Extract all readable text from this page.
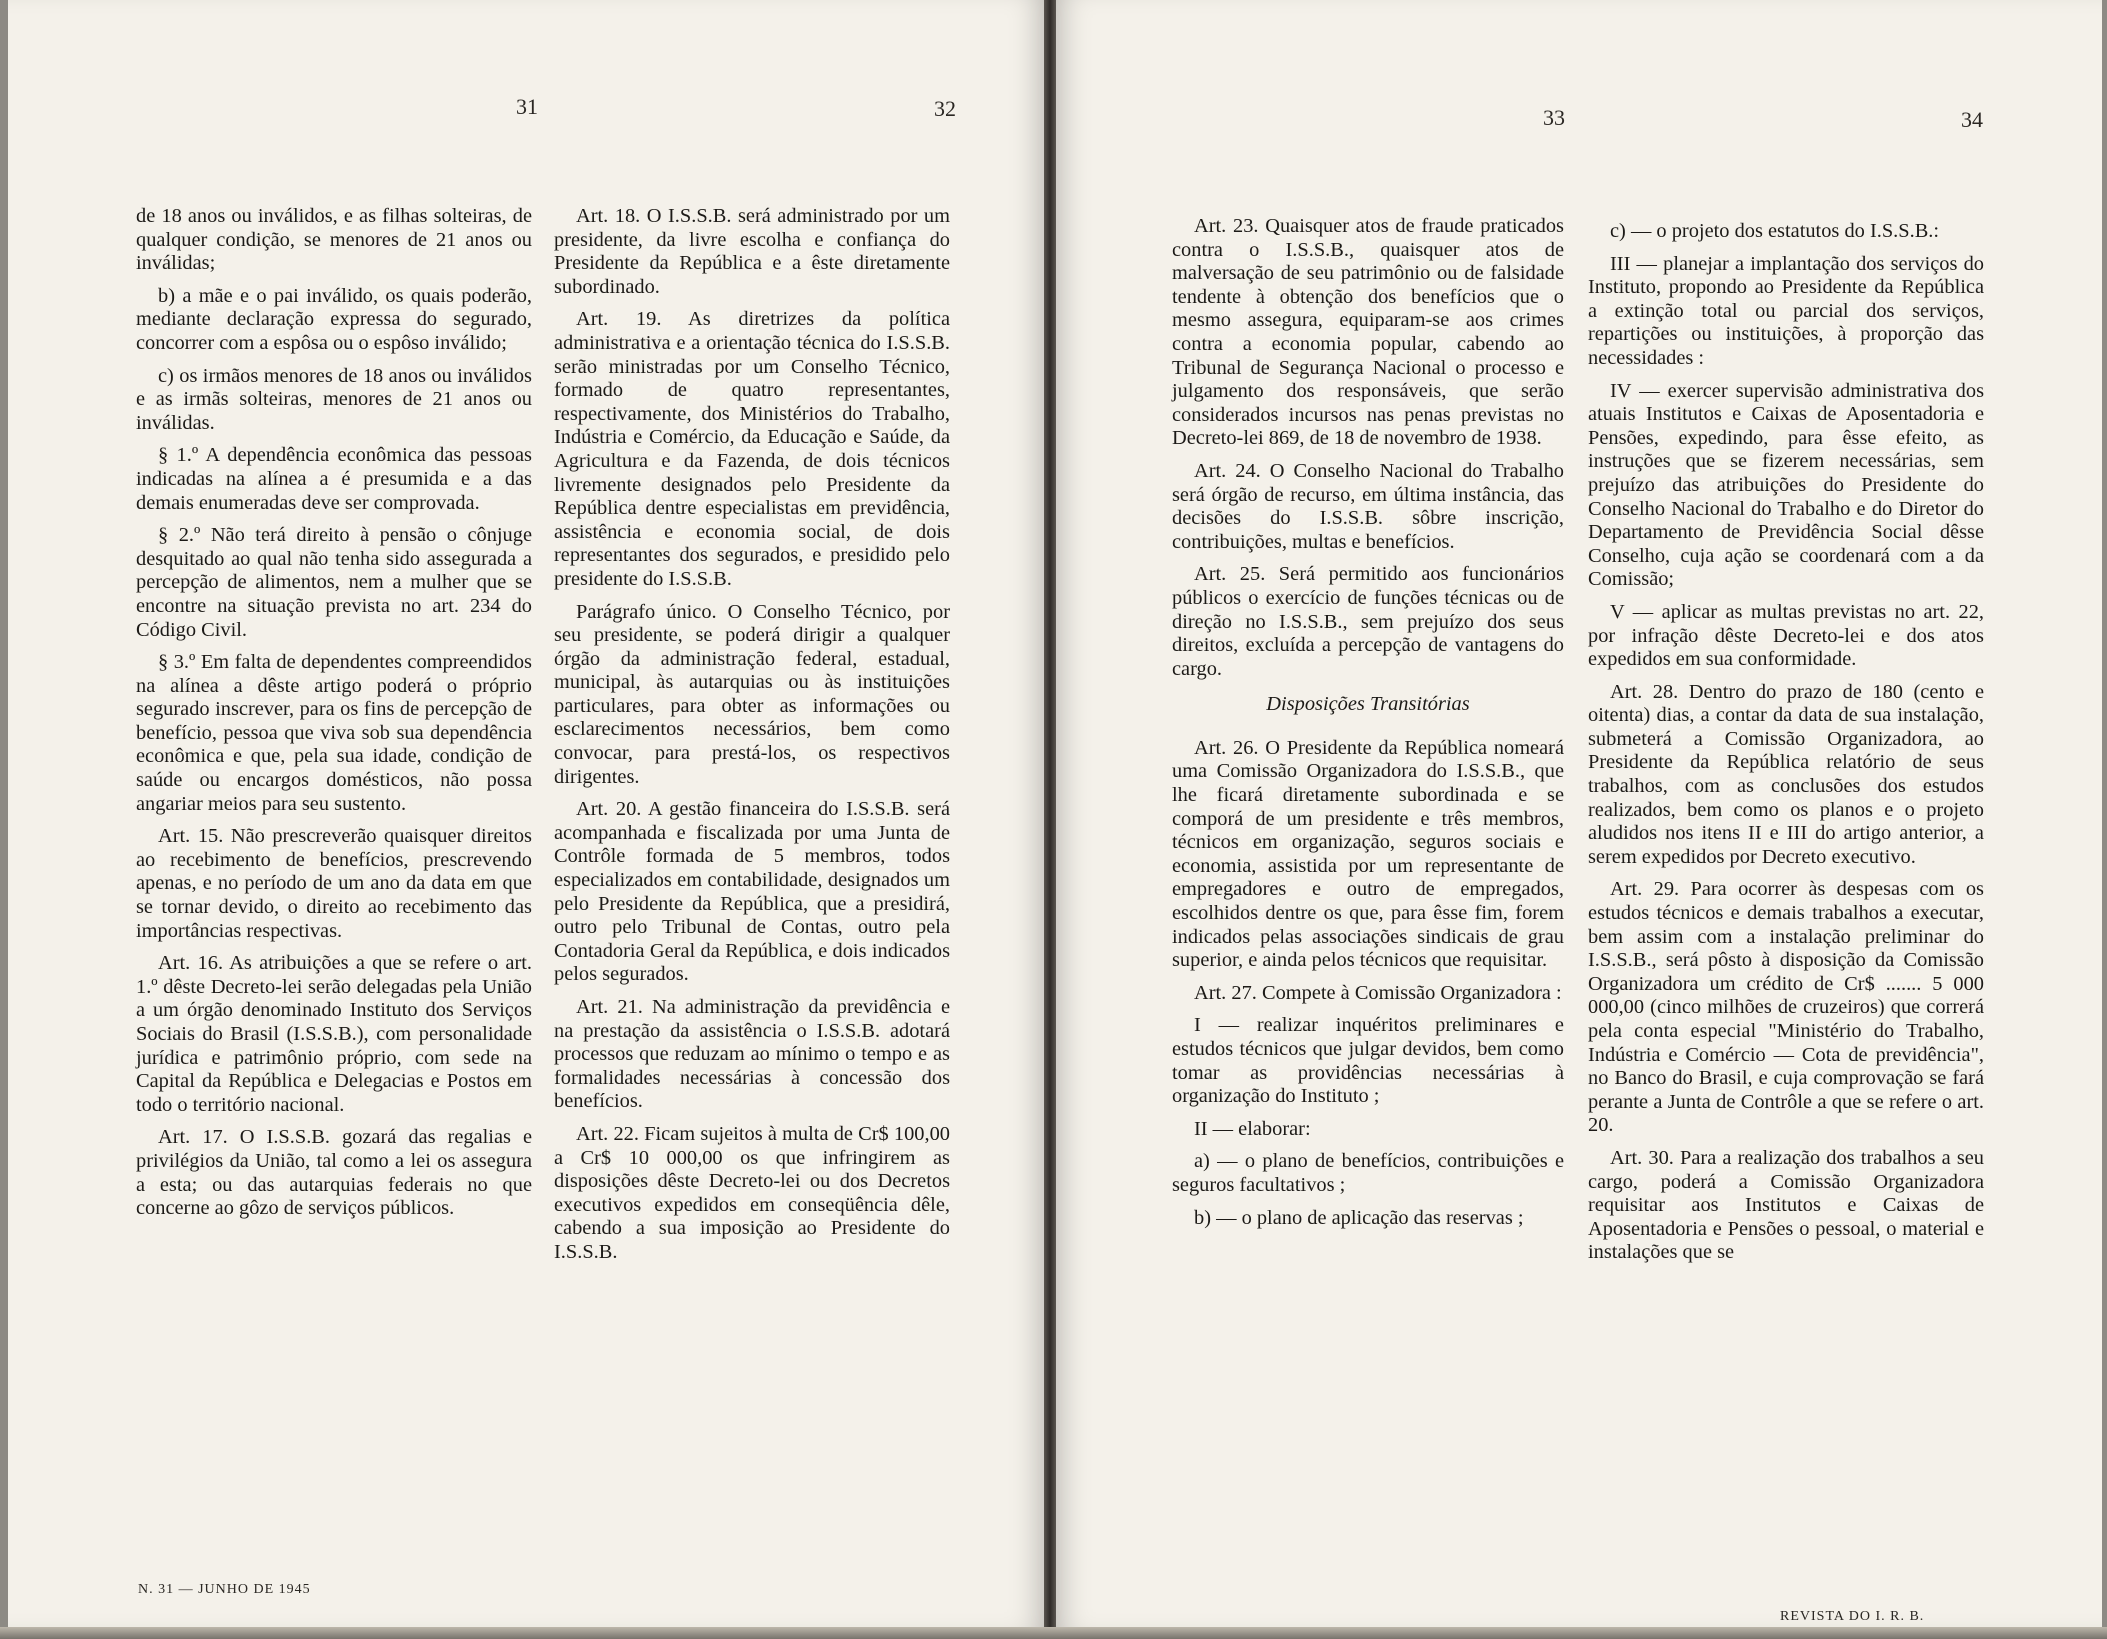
31	32	33	34

de 18 anos ou inválidos, e as filhas solteiras, de qualquer condição, se menores de 21 anos ou inválidas;

b) a mãe e o pai inválido, os quais poderão, mediante declaração expressa do segurado, concorrer com a espôsa ou o espôso inválido;

c) os irmãos menores de 18 anos ou inválidos e as irmãs solteiras, menores de 21 anos ou inválidas.

§ 1.º A dependência econômica das pessoas indicadas na alínea a é presumida e a das demais enumeradas deve ser comprovada.

§ 2.º Não terá direito à pensão o cônjuge desquitado ao qual não tenha sido assegurada a percepção de alimentos, nem a mulher que se encontre na situação prevista no art. 234 do Código Civil.

§ 3.º Em falta de dependentes compreendidos na alínea a dêste artigo poderá o próprio segurado inscrever, para os fins de percepção de benefício, pessoa que viva sob sua dependência econômica e que, pela sua idade, condição de saúde ou encargos domésticos, não possa angariar meios para seu sustento.

Art. 15. Não prescreverão quaisquer direitos ao recebimento de benefícios, prescrevendo apenas, e no período de um ano da data em que se tornar devido, o direito ao recebimento das importâncias respectivas.

Art. 16. As atribuições a que se refere o art. 1.º dêste Decreto-lei serão delegadas pela União a um órgão denominado Instituto dos Serviços Sociais do Brasil (I.S.S.B.), com personalidade jurídica e patrimônio próprio, com sede na Capital da República e Delegacias e Postos em todo o território nacional.

Art. 17. O I.S.S.B. gozará das regalias e privilégios da União, tal como a lei os assegura a esta; ou das autarquias federais no que concerne ao gôzo de serviços públicos.

Art. 18. O I.S.S.B. será administrado por um presidente, da livre escolha e confiança do Presidente da República e a êste diretamente subordinado.

Art. 19. As diretrizes da política administrativa e a orientação técnica do I.S.S.B. serão ministradas por um Conselho Técnico, formado de quatro representantes, respectivamente, dos Ministérios do Trabalho, Indústria e Comércio, da Educação e Saúde, da Agricultura e da Fazenda, de dois técnicos livremente designados pelo Presidente da República dentre especialistas em previdência, assistência e economia social, de dois representantes dos segurados, e presidido pelo presidente do I.S.S.B.

Parágrafo único. O Conselho Técnico, por seu presidente, se poderá dirigir a qualquer órgão da administração federal, estadual, municipal, às autarquias ou às instituições particulares, para obter as informações ou esclarecimentos necessários, bem como convocar, para prestá-los, os respectivos dirigentes.

Art. 20. A gestão financeira do I.S.S.B. será acompanhada e fiscalizada por uma Junta de Contrôle formada de 5 membros, todos especializados em contabilidade, designados um pelo Presidente da República, que a presidirá, outro pelo Tribunal de Contas, outro pela Contadoria Geral da República, e dois indicados pelos segurados.

Art. 21. Na administração da previdência e na prestação da assistência o I.S.S.B. adotará processos que reduzam ao mínimo o tempo e as formalidades necessárias à concessão dos benefícios.

Art. 22. Ficam sujeitos à multa de Cr$ 100,00 a Cr$ 10 000,00 os que infringirem as disposições dêste Decreto-lei ou dos Decretos executivos expedidos em conseqüência dêle, cabendo a sua imposição ao Presidente do I.S.S.B.

Art. 23. Quaisquer atos de fraude praticados contra o I.S.S.B., quaisquer atos de malversação de seu patrimônio ou de falsidade tendente à obtenção dos benefícios que o mesmo assegura, equiparam-se aos crimes contra a economia popular, cabendo ao Tribunal de Segurança Nacional o processo e julgamento dos responsáveis, que serão considerados incursos nas penas previstas no Decreto-lei 869, de 18 de novembro de 1938.

Art. 24. O Conselho Nacional do Trabalho será órgão de recurso, em última instância, das decisões do I.S.S.B. sôbre inscrição, contribuições, multas e benefícios.

Art. 25. Será permitido aos funcionários públicos o exercício de funções técnicas ou de direção no I.S.S.B., sem prejuízo dos seus direitos, excluída a percepção de vantagens do cargo.

Disposições Transitórias

Art. 26. O Presidente da República nomeará uma Comissão Organizadora do I.S.S.B., que lhe ficará diretamente subordinada e se comporá de um presidente e três membros, técnicos em organização, seguros sociais e economia, assistida por um representante de empregadores e outro de empregados, escolhidos dentre os que, para êsse fim, forem indicados pelas associações sindicais de grau superior, e ainda pelos técnicos que requisitar.

Art. 27. Compete à Comissão Organizadora :

I — realizar inquéritos preliminares e estudos técnicos que julgar devidos, bem como tomar as providências necessárias à organização do Instituto ;

II — elaborar:

a) — o plano de benefícios, contribuições e seguros facultativos ;

b) — o plano de aplicação das reservas ;

c) — o projeto dos estatutos do I.S.S.B.:

III — planejar a implantação dos serviços do Instituto, propondo ao Presidente da República a extinção total ou parcial dos serviços, repartições ou instituições, à proporção das necessidades :

IV — exercer supervisão administrativa dos atuais Institutos e Caixas de Aposentadoria e Pensões, expedindo, para êsse efeito, as instruções que se fizerem necessárias, sem prejuízo das atribuições do Presidente do Conselho Nacional do Trabalho e do Diretor do Departamento de Previdência Social dêsse Conselho, cuja ação se coordenará com a da Comissão;

V — aplicar as multas previstas no art. 22, por infração dêste Decreto-lei e dos atos expedidos em sua conformidade.

Art. 28. Dentro do prazo de 180 (cento e oitenta) dias, a contar da data de sua instalação, submeterá a Comissão Organizadora, ao Presidente da República relatório de seus trabalhos, com as conclusões dos estudos realizados, bem como os planos e o projeto aludidos nos itens II e III do artigo anterior, a serem expedidos por Decreto executivo.

Art. 29. Para ocorrer às despesas com os estudos técnicos e demais trabalhos a executar, bem assim com a instalação preliminar do I.S.S.B., será pôsto à disposição da Comissão Organizadora um crédito de Cr$ ....... 5 000 000,00 (cinco milhões de cruzeiros) que correrá pela conta especial "Ministério do Trabalho, Indústria e Comércio — Cota de previdência", no Banco do Brasil, e cuja comprovação se fará perante a Junta de Contrôle a que se refere o art. 20.

Art. 30. Para a realização dos trabalhos a seu cargo, poderá a Comissão Organizadora requisitar aos Institutos e Caixas de Aposentadoria e Pensões o pessoal, o material e instalações que se

N. 31 — JUNHO DE 1945
REVISTA DO I. R. B.
